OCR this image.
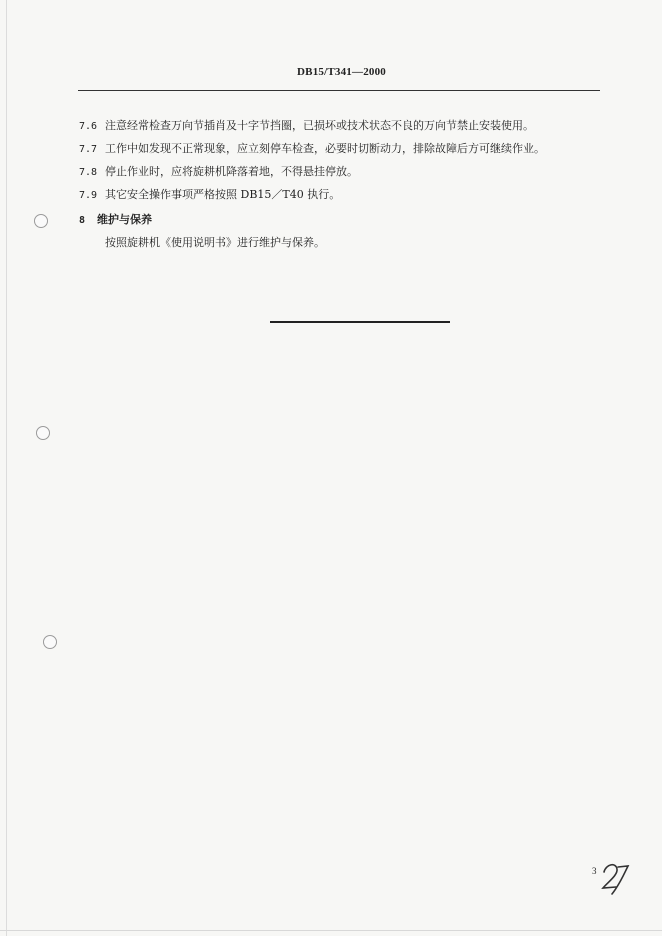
DB15/T341—2000
7.6 注意经常检查万向节插肖及十字节挡圈，已损坏或技术状态不良的万向节禁止安装使用。
7.7 工作中如发现不正常现象，应立刻停车检查，必要时切断动力，排除故障后方可继续作业。
7.8 停止作业时，应将旋耕机降落着地，不得悬挂停放。
7.9 其它安全操作事项严格按照 DB15／T40 执行。
8 维护与保养
按照旋耕机《使用说明书》进行维护与保养。
3
